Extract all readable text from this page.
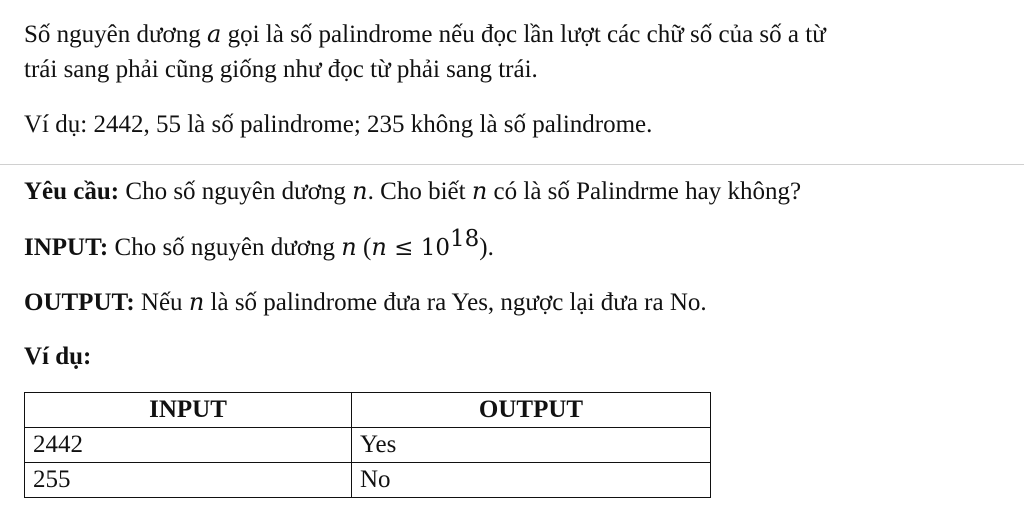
Số nguyên dương a gọi là số palindrome nếu đọc lần lượt các chữ số của số a từ

trái sang phải cũng giống như đọc từ phải sang trái.

Ví dụ: 2442, 55 là số palindrome; 235 không là số palindrome.

Yêu cầu: Cho số nguyên dương n. Cho biết n có là số Palindrme hay không?

INPUT: Cho số nguyên dương n $(n \le 10^{18})$.

OUTPUT: Nếu n là số palindrome đưa ra Yes, ngược lại đưa ra No.

Ví dụ:

INPUT	OUTPUT
2442	Yes
255	No
